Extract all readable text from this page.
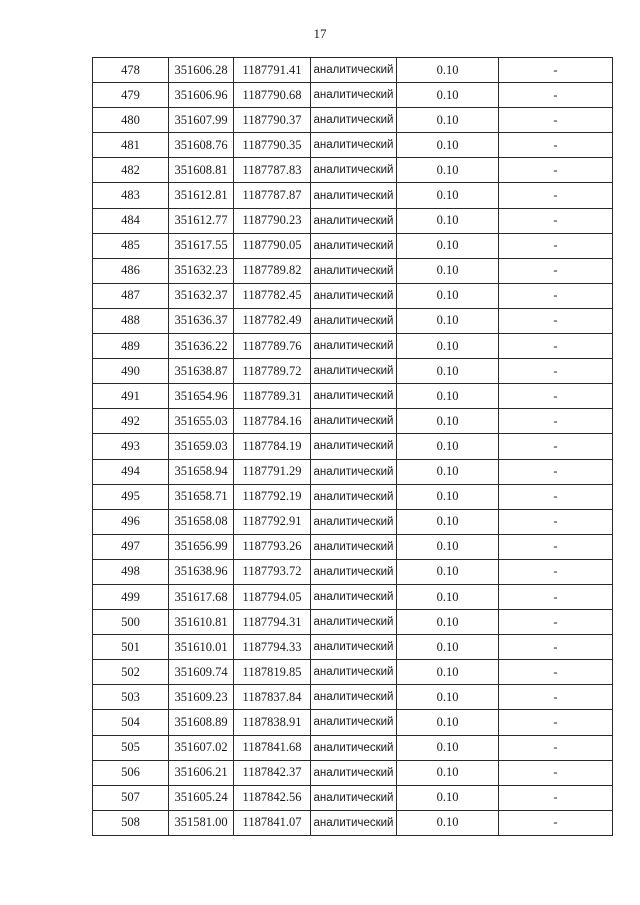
17
478	351606.28	1187791.41	аналитический	0.10	-
479	351606.96	1187790.68	аналитический	0.10	-
480	351607.99	1187790.37	аналитический	0.10	-
481	351608.76	1187790.35	аналитический	0.10	-
482	351608.81	1187787.83	аналитический	0.10	-
483	351612.81	1187787.87	аналитический	0.10	-
484	351612.77	1187790.23	аналитический	0.10	-
485	351617.55	1187790.05	аналитический	0.10	-
486	351632.23	1187789.82	аналитический	0.10	-
487	351632.37	1187782.45	аналитический	0.10	-
488	351636.37	1187782.49	аналитический	0.10	-
489	351636.22	1187789.76	аналитический	0.10	-
490	351638.87	1187789.72	аналитический	0.10	-
491	351654.96	1187789.31	аналитический	0.10	-
492	351655.03	1187784.16	аналитический	0.10	-
493	351659.03	1187784.19	аналитический	0.10	-
494	351658.94	1187791.29	аналитический	0.10	-
495	351658.71	1187792.19	аналитический	0.10	-
496	351658.08	1187792.91	аналитический	0.10	-
497	351656.99	1187793.26	аналитический	0.10	-
498	351638.96	1187793.72	аналитический	0.10	-
499	351617.68	1187794.05	аналитический	0.10	-
500	351610.81	1187794.31	аналитический	0.10	-
501	351610.01	1187794.33	аналитический	0.10	-
502	351609.74	1187819.85	аналитический	0.10	-
503	351609.23	1187837.84	аналитический	0.10	-
504	351608.89	1187838.91	аналитический	0.10	-
505	351607.02	1187841.68	аналитический	0.10	-
506	351606.21	1187842.37	аналитический	0.10	-
507	351605.24	1187842.56	аналитический	0.10	-
508	351581.00	1187841.07	аналитический	0.10	-
